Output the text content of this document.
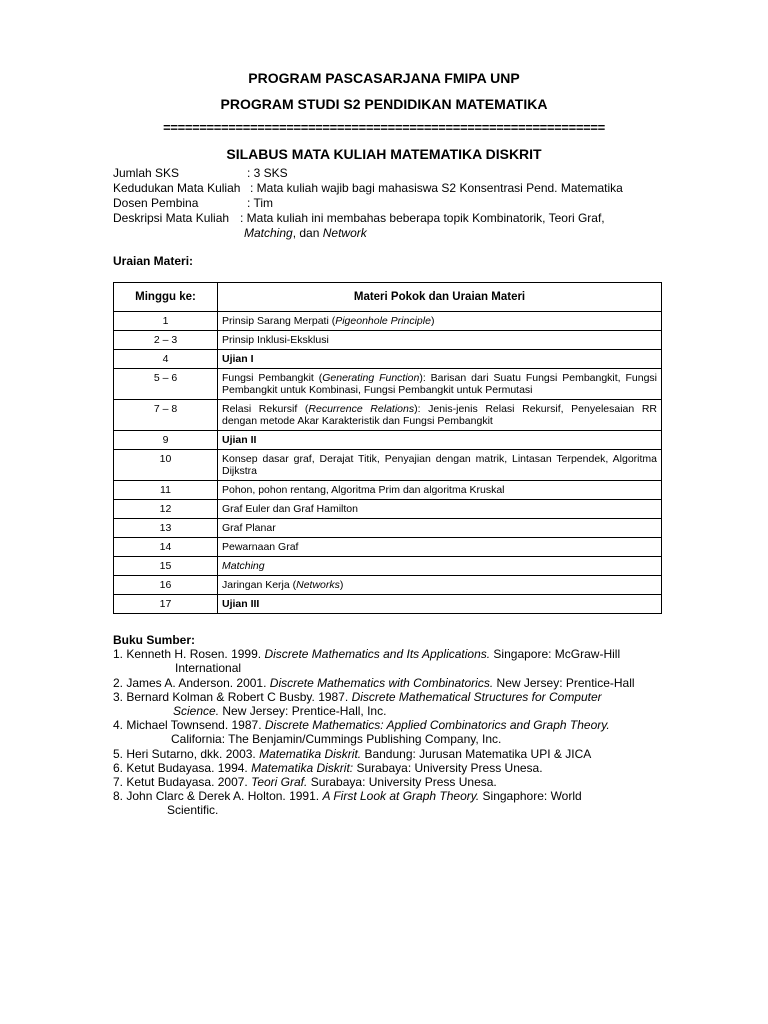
PROGRAM PASCASARJANA FMIPA UNP
PROGRAM STUDI S2 PENDIDIKAN MATEMATIKA
=============================================================
SILABUS MATA KULIAH MATEMATIKA DISKRIT
Jumlah SKS	: 3 SKS
Kedudukan Mata Kuliah : Mata kuliah wajib bagi mahasiswa S2 Konsentrasi Pend. Matematika
Dosen Pembina	: Tim
Deskripsi Mata Kuliah : Mata kuliah ini membahas beberapa topik Kombinatorik, Teori Graf,
Matching, dan Network
Uraian Materi:
Minggu ke:	Materi Pokok dan Uraian Materi
1	Prinsip Sarang Merpati (Pigeonhole Principle)
2 – 3	Prinsip Inklusi-Eksklusi
4	Ujian I
5 – 6	Fungsi Pembangkit (Generating Function): Barisan dari Suatu Fungsi Pembangkit, Fungsi Pembangkit untuk Kombinasi, Fungsi Pembangkit untuk Permutasi
7 – 8	Relasi Rekursif (Recurrence Relations): Jenis-jenis Relasi Rekursif, Penyelesaian RR dengan metode Akar Karakteristik dan Fungsi Pembangkit
9	Ujian II
10	Konsep dasar graf, Derajat Titik, Penyajian dengan matrik, Lintasan Terpendek, Algoritma Dijkstra
11	Pohon, pohon rentang, Algoritma Prim dan algoritma Kruskal
12	Graf Euler dan Graf Hamilton
13	Graf Planar
14	Pewarnaan Graf
15	Matching
16	Jaringan Kerja (Networks)
17	Ujian III
Buku Sumber:
1. Kenneth H. Rosen. 1999. Discrete Mathematics and Its Applications. Singapore: McGraw-Hill
International
2. James A. Anderson. 2001. Discrete Mathematics with Combinatorics. New Jersey: Prentice-Hall
3. Bernard Kolman & Robert C Busby. 1987. Discrete Mathematical Structures for Computer
Science. New Jersey: Prentice-Hall, Inc.
4. Michael Townsend. 1987. Discrete Mathematics: Applied Combinatorics and Graph Theory.
California: The Benjamin/Cummings Publishing Company, Inc.
5. Heri Sutarno, dkk. 2003. Matematika Diskrit. Bandung: Jurusan Matematika UPI & JICA
6. Ketut Budayasa. 1994. Matematika Diskrit: Surabaya: University Press Unesa.
7. Ketut Budayasa. 2007. Teori Graf. Surabaya: University Press Unesa.
8. John Clarc & Derek A. Holton. 1991. A First Look at Graph Theory. Singaphore: World
Scientific.
